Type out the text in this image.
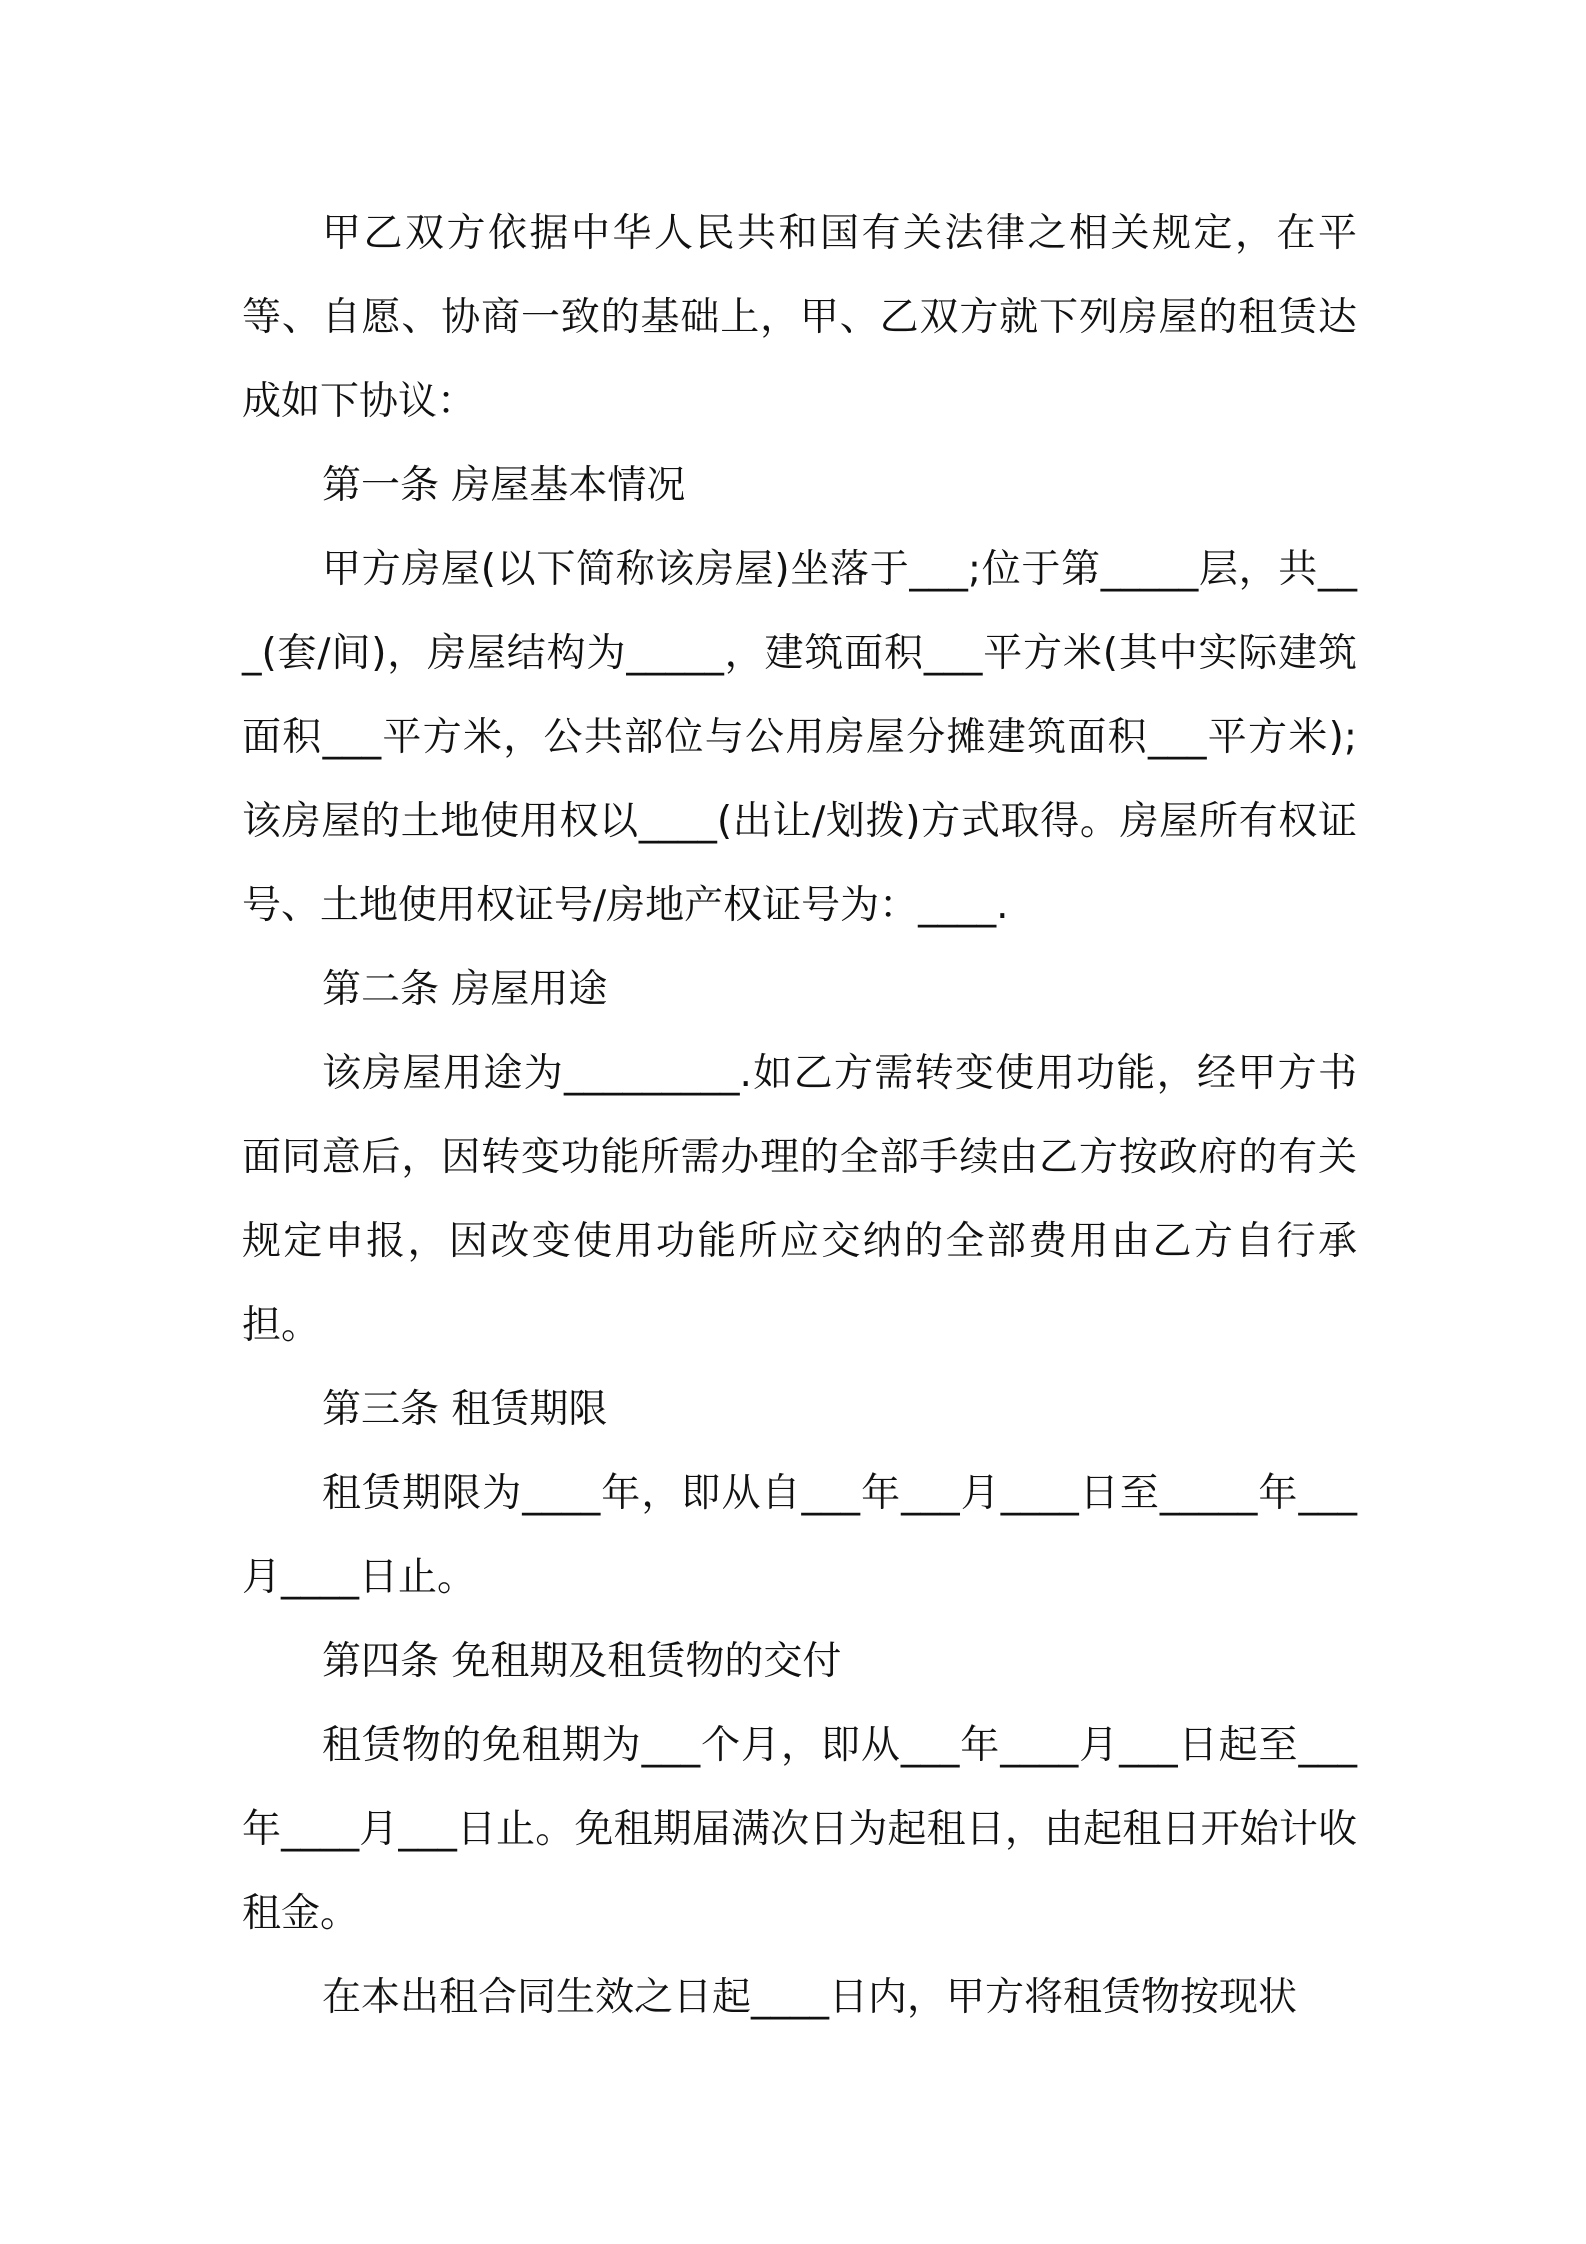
甲乙双方依据中华人民共和国有关法律之相关规定，在平等、自愿、协商一致的基础上，甲、乙双方就下列房屋的租赁达成如下协议：

第一条 房屋基本情况

甲方房屋(以下简称该房屋)坐落于___;位于第_____层，共___(套/间)，房屋结构为_____，建筑面积___平方米(其中实际建筑面积___平方米，公共部位与公用房屋分摊建筑面积___平方米);该房屋的土地使用权以____(出让/划拨)方式取得。房屋所有权证号、土地使用权证号/房地产权证号为：____.

第二条 房屋用途

该房屋用途为_________.如乙方需转变使用功能，经甲方书面同意后，因转变功能所需办理的全部手续由乙方按政府的有关规定申报，因改变使用功能所应交纳的全部费用由乙方自行承担。

第三条 租赁期限

租赁期限为____年，即从自___年___月____日至_____年___月____日止。

第四条 免租期及租赁物的交付

租赁物的免租期为___个月，即从___年____月___日起至___年____月___日止。免租期届满次日为起租日，由起租日开始计收租金。

在本出租合同生效之日起____日内，甲方将租赁物按现状
